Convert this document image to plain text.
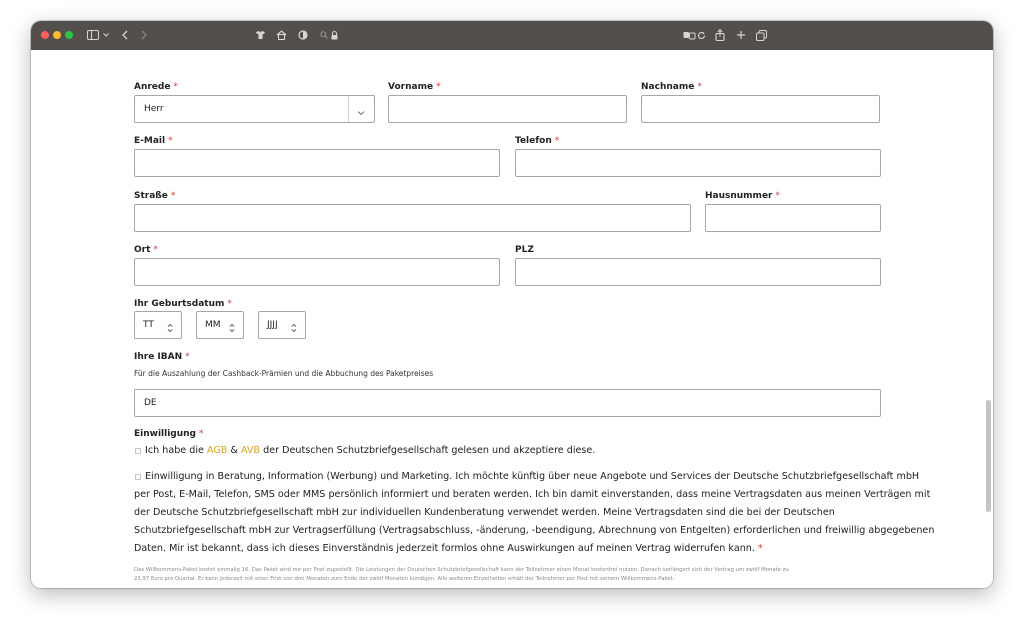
Anrede *
Herr
Vorname *	Nachname *
E-Mail *	Telefon *
Straße *	Hausnummer *
Ort *	PLZ
Ihr Geburtsdatum *
TT	MM	JJJJ
Ihre IBAN *
Für die Auszahlung der Cashback-Prämien und die Abbuchung des Paketpreises
DE
Einwilligung *
Ich habe die AGB & AVB der Deutschen Schutzbriefgesellschaft gelesen und akzeptiere diese.
Einwilligung in Beratung, Information (Werbung) und Marketing. Ich möchte künftig über neue Angebote und Services der Deutsche Schutzbriefgesellschaft mbH
per Post, E-Mail, Telefon, SMS oder MMS persönlich informiert und beraten werden. Ich bin damit einverstanden, dass meine Vertragsdaten aus meinen Verträgen mit
der Deutsche Schutzbriefgesellschaft mbH zur individuellen Kundenberatung verwendet werden. Meine Vertragsdaten sind die bei der Deutschen
Schutzbriefgesellschaft mbH zur Vertragserfüllung (Vertragsabschluss, -änderung, -beendigung, Abrechnung von Entgelten) erforderlichen und freiwillig abgegebenen
Daten. Mir ist bekannt, dass ich dieses Einverständnis jederzeit formlos ohne Auswirkungen auf meinen Vertrag widerrufen kann. *
Das Willkommens-Paket kostet einmalig 16. Das Paket wird mir per Post zugestellt. Die Leistungen der Deutschen Schutzbriefgesellschaft kann der Teilnehmer einen Monat kostenfrei nutzen. Danach verlängert sich der Vertrag um zwölf Monate zu
23,97 Euro pro Quartal. Er kann jederzeit mit einer Frist von drei Monaten zum Ende der zwölf Monaten kündigen. Alle weiteren Einzelheiten erhält der Teilnehmer per Post mit seinem Willkommens-Paket.
